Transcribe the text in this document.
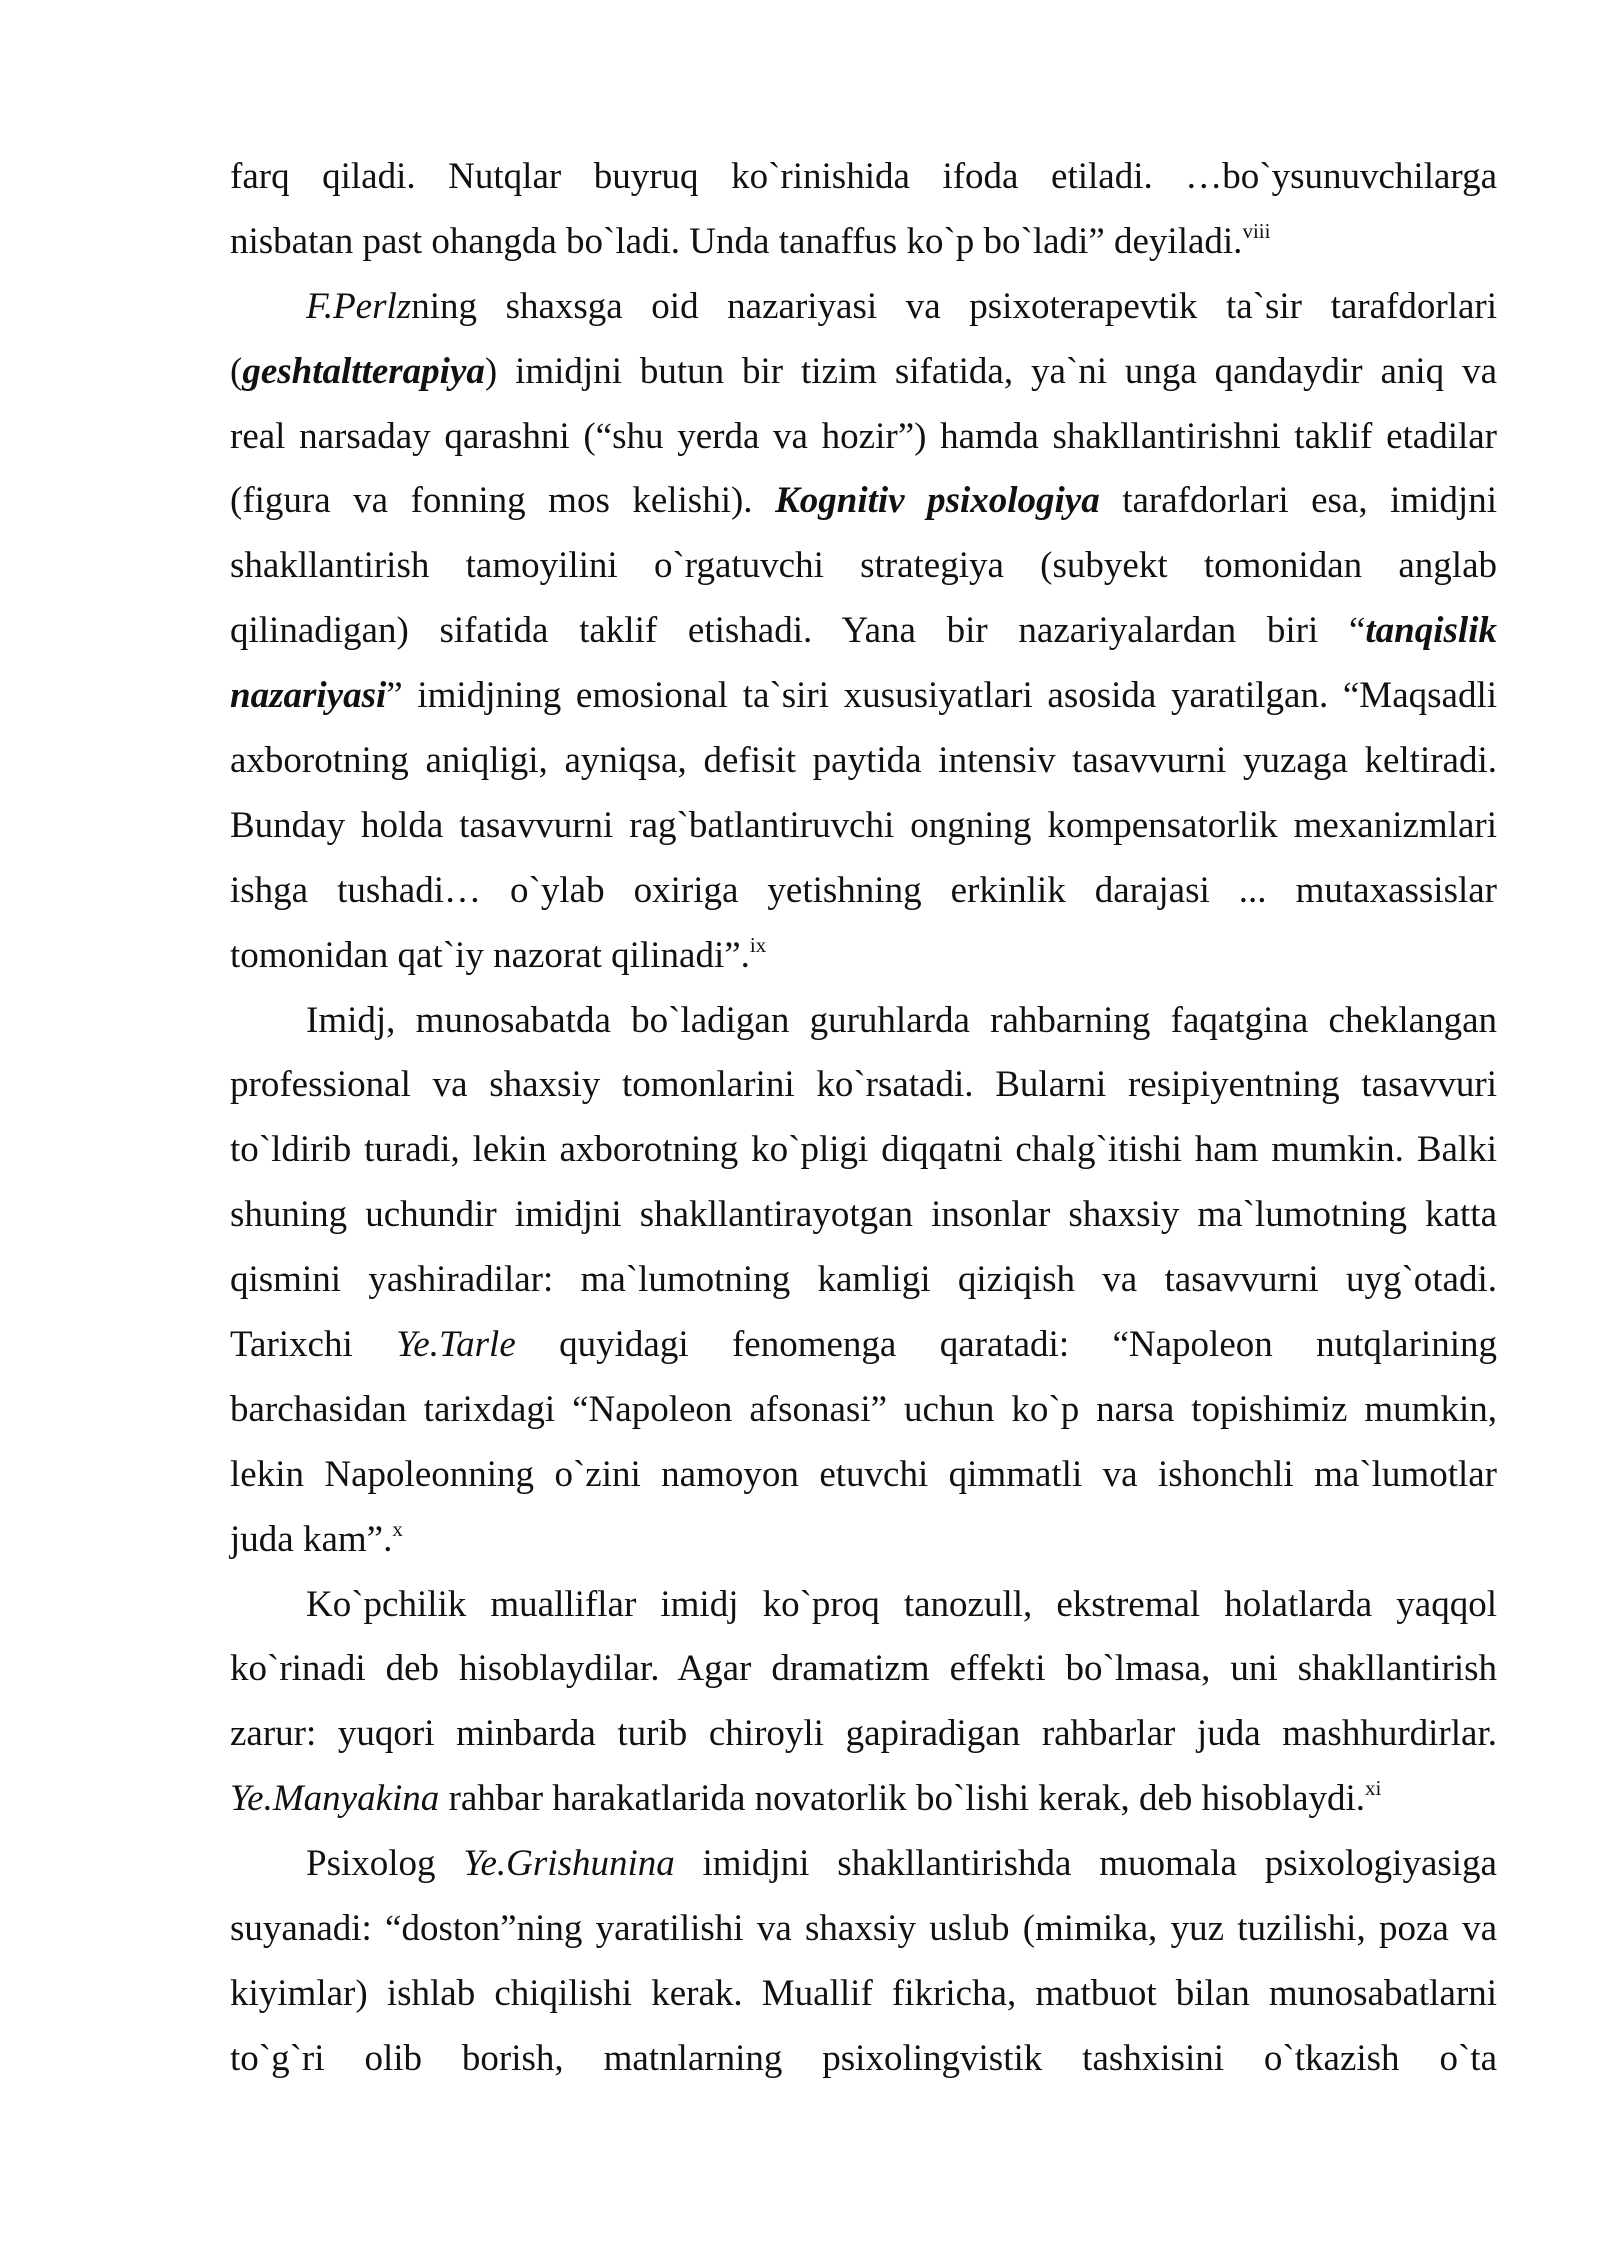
farq qiladi. Nutqlar buyruq ko`rinishida ifoda etiladi. …bo`ysunuvchilarga
nisbatan past ohangda bo`ladi. Unda tanaffus ko`p bo`ladi” deyiladi.$^{viii}$
F.Perlzning shaxsga oid nazariyasi va psixoterapevtik ta`sir tarafdorlari
(geshtaltterapiya) imidjni butun bir tizim sifatida, ya`ni unga qandaydir aniq va
real narsaday qarashni (“shu yerda va hozir”) hamda shakllantirishni taklif etadilar
(figura va fonning mos kelishi). Kognitiv psixologiya tarafdorlari esa, imidjni
shakllantirish tamoyilini o`rgatuvchi strategiya (subyekt tomonidan anglab
qilinadigan) sifatida taklif etishadi. Yana bir nazariyalardan biri “tanqislik
nazariyasi” imidjning emosional ta`siri xususiyatlari asosida yaratilgan. “Maqsadli
axborotning aniqligi, ayniqsa, defisit paytida intensiv tasavvurni yuzaga keltiradi.
Bunday holda tasavvurni rag`batlantiruvchi ongning kompensatorlik mexanizmlari
ishga tushadi… o`ylab oxiriga yetishning erkinlik darajasi ... mutaxassislar
tomonidan qat`iy nazorat qilinadi”.$^{ix}$
Imidj, munosabatda bo`ladigan guruhlarda rahbarning faqatgina cheklangan
professional va shaxsiy tomonlarini ko`rsatadi. Bularni resipiyentning tasavvuri
to`ldirib turadi, lekin axborotning ko`pligi diqqatni chalg`itishi ham mumkin. Balki
shuning uchundir imidjni shakllantirayotgan insonlar shaxsiy ma`lumotning katta
qismini yashiradilar: ma`lumotning kamligi qiziqish va tasavvurni uyg`otadi.
Tarixchi Ye.Tarle quyidagi fenomenga qaratadi: “Napoleon nutqlarining
barchasidan tarixdagi “Napoleon afsonasi” uchun ko`p narsa topishimiz mumkin,
lekin Napoleonning o`zini namoyon etuvchi qimmatli va ishonchli ma`lumotlar
juda kam”.$^x$
Ko`pchilik mualliflar imidj ko`proq tanozull, ekstremal holatlarda yaqqol
ko`rinadi deb hisoblaydilar. Agar dramatizm effekti bo`lmasa, uni shakllantirish
zarur: yuqori minbarda turib chiroyli gapiradigan rahbarlar juda mashhurdirlar.
Ye.Manyakina rahbar harakatlarida novatorlik bo`lishi kerak, deb hisoblaydi.$^{xi}$
Psixolog Ye.Grishunina imidjni shakllantirishda muomala psixologiyasiga
suyanadi: “doston”ning yaratilishi va shaxsiy uslub (mimika, yuz tuzilishi, poza va
kiyimlar) ishlab chiqilishi kerak. Muallif fikricha, matbuot bilan munosabatlarni
to`g`ri olib borish, matnlarning psixolingvistik tashxisini o`tkazish o`ta
